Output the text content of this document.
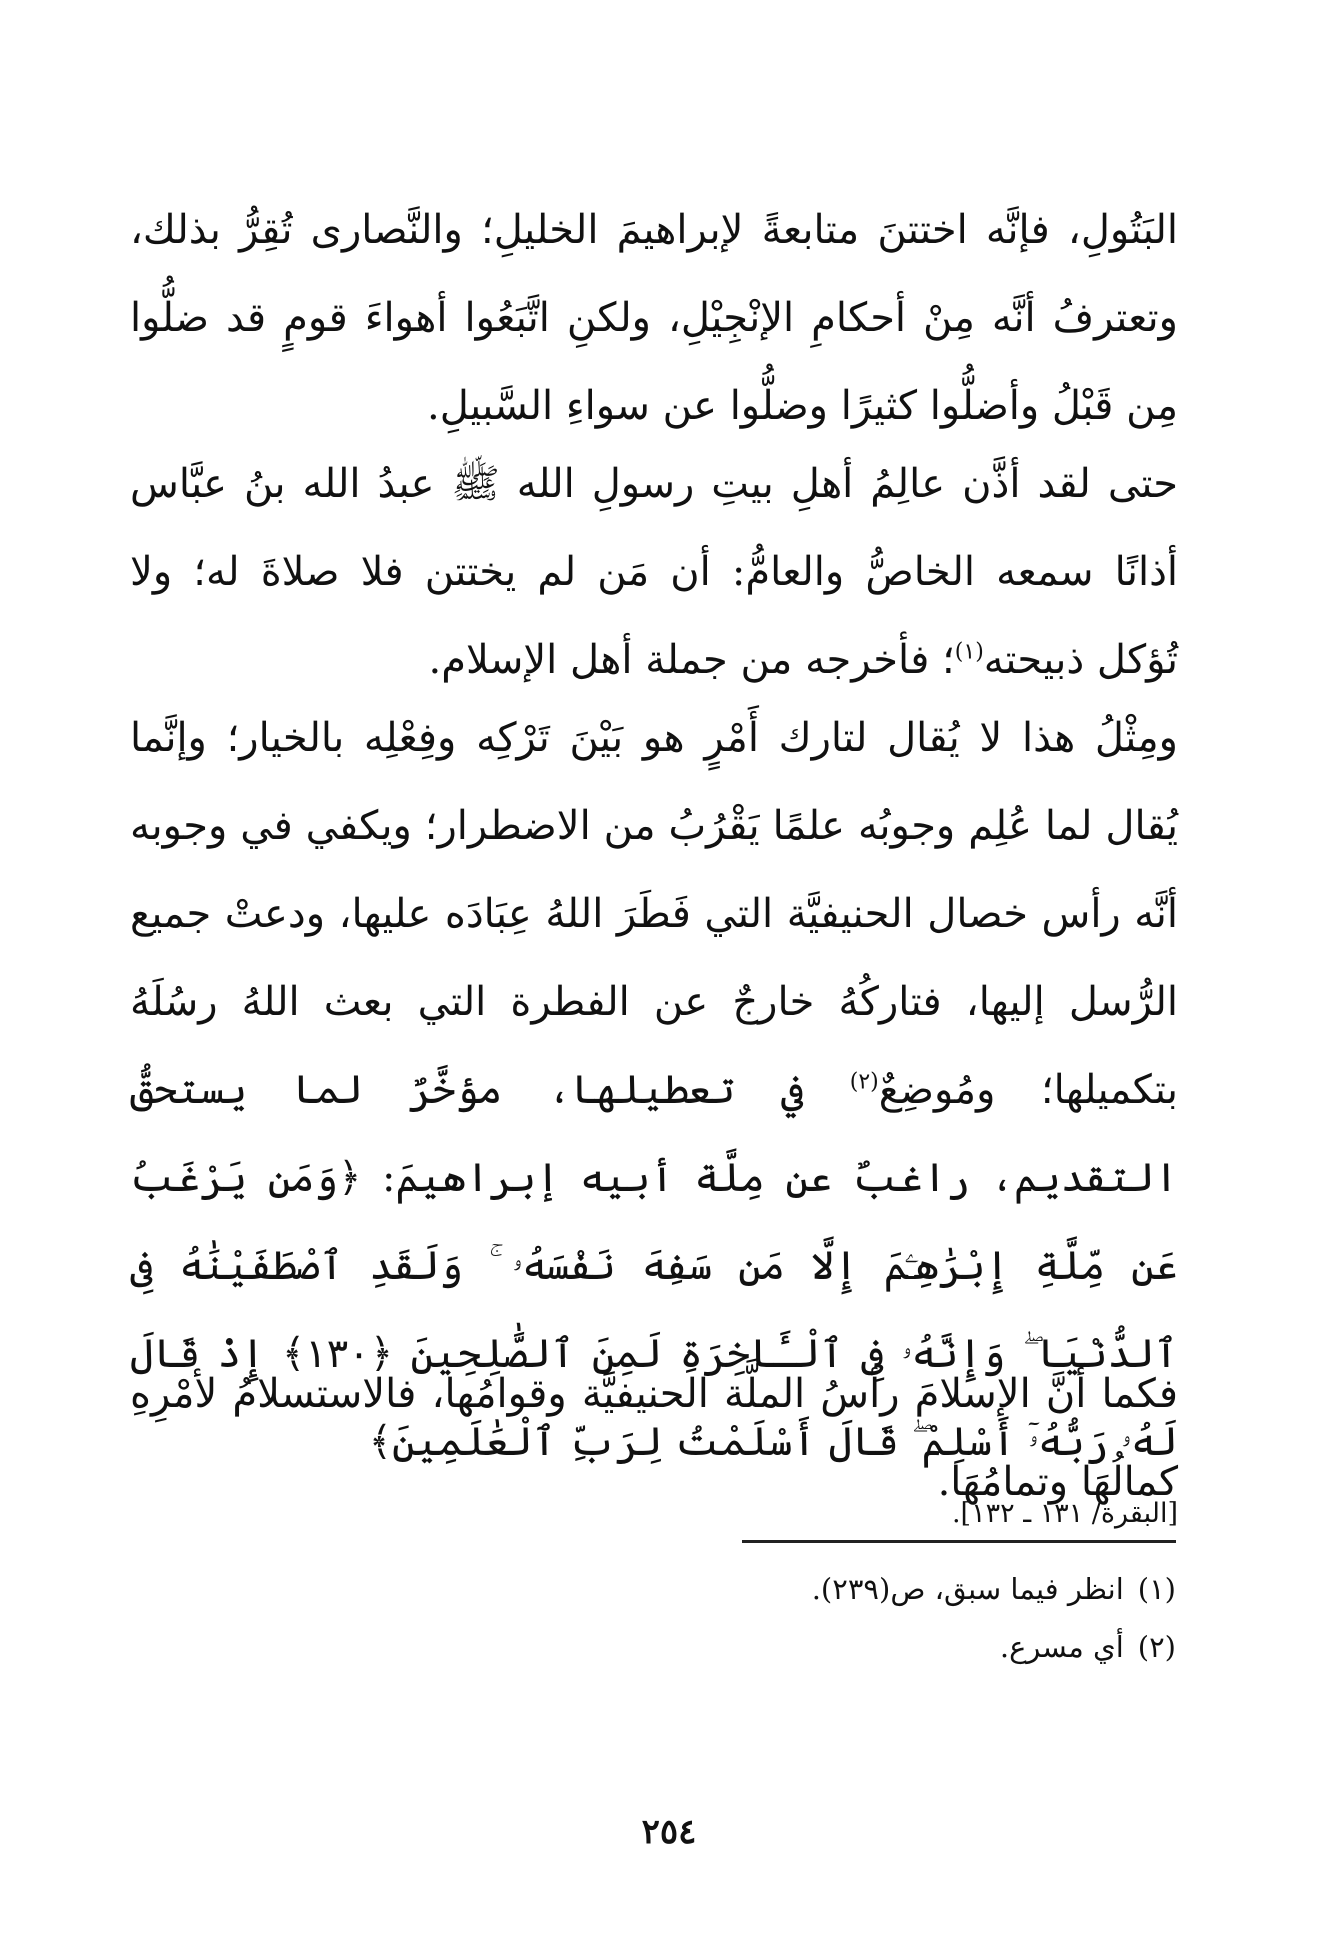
البَتُولِ، فإنَّه اختتنَ متابعةً لإبراهيمَ الخليلِ؛ والنَّصارى تُقِرُّ بذلك، وتعترفُ أنَّه مِنْ أحكامِ الإنْجِيْلِ، ولكنِ اتَّبَعُوا أهواءَ قومٍ قد ضلُّوا مِن قَبْلُ وأضلُّوا كثيرًا وضلُّوا عن سواءِ السَّبيلِ.

حتى لقد أذَّن عالِمُ أهلِ بيتِ رسولِ الله ﷺ عبدُ الله بنُ عبَّاس أذانًا سمعه الخاصُّ والعامُّ: أن مَن لم يختتن فلا صلاةَ له؛ ولا تُؤكل ذبيحته$^{(١)}$؛ فأخرجه من جملة أهل الإسلام.

ومِثْلُ هذا لا يُقال لتارك أَمْرٍ هو بَيْنَ تَرْكِه وفِعْلِه بالخيار؛ وإنَّما يُقال لما عُلِم وجوبُه علمًا يَقْرُبُ من الاضطرار؛ ويكفي في وجوبه أنَّه رأس خصال الحنيفيَّة التي فَطَرَ اللهُ عِبَادَه عليها، ودعتْ جميع الرُّسل إليها، فتاركُهُ خارجٌ عن الفطرة التي بعث اللهُ رسُلَهُ بتكميلها؛ ومُوضِعٌ$^{(٢)}$ في تعطيلها، مؤخَّرٌ لما يستحقُّ التقديم، راغبٌ عن مِلَّة أبيه إبراهيمَ: ﴿وَمَن يَرْغَبُ عَن مِّلَّةِ إِبْرَٰهِـۧمَ إِلَّا مَن سَفِهَ نَفْسَهُۥ ۚ وَلَقَدِ ٱصْطَفَيْنَٰهُ فِى ٱلدُّنْيَا ۖ وَإِنَّهُۥ فِى ٱلْـَٔاخِرَةِ لَمِنَ ٱلصَّٰلِحِينَ ﴿١٣٠﴾ إِذْ قَالَ لَهُۥ رَبُّهُۥٓ أَسْلِمْ ۖ قَالَ أَسْلَمْتُ لِرَبِّ ٱلْعَٰلَمِينَ﴾
[البقرة/ ١٣١ ـ ١٣٢].

فكما أنَّ الإسلامَ رأسُ الملَّة الحنيفيَّة وقوامُها، فالاستسلامُ لأمْرِهِ كمالُهَا وتمامُهَا.

(١)انظر فيما سبق، ص(٢٣٩).

(٢)أي مسرع.

٢٥٤
